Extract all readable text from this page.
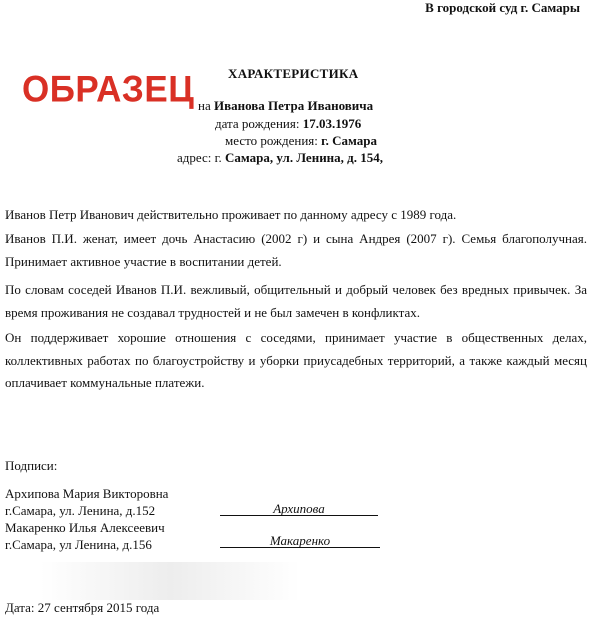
В городской суд г. Самары
ОБРАЗЕЦ	ХАРАКТЕРИСТИКА
на Иванова Петра Ивановича
дата рождения: 17.03.1976
место рождения: г. Самара
адрес: г. Самара, ул. Ленина, д. 154,
Иванов Петр Иванович действительно проживает по данному адресу с 1989 года.
Иванов П.И. женат, имеет дочь Анастасию (2002 г) и сына Андрея (2007 г). Семья благополучная. Принимает активное участие в воспитании детей.
По словам соседей Иванов П.И. вежливый, общительный и добрый человек без вредных привычек. За время проживания не создавал трудностей и не был замечен в конфликтах.
Он поддерживает хорошие отношения с соседями, принимает участие в общественных делах, коллективных работах по благоустройству и уборки приусадебных территорий, а также каждый месяц оплачивает коммунальные платежи.
Подписи:
Архипова Мария Викторовна
г.Самара, ул. Ленина, д.152	Архипова
Макаренко Илья Алексеевич
г.Самара, ул Ленина, д.156	Макаренко
Дата: 27 сентября 2015 года
